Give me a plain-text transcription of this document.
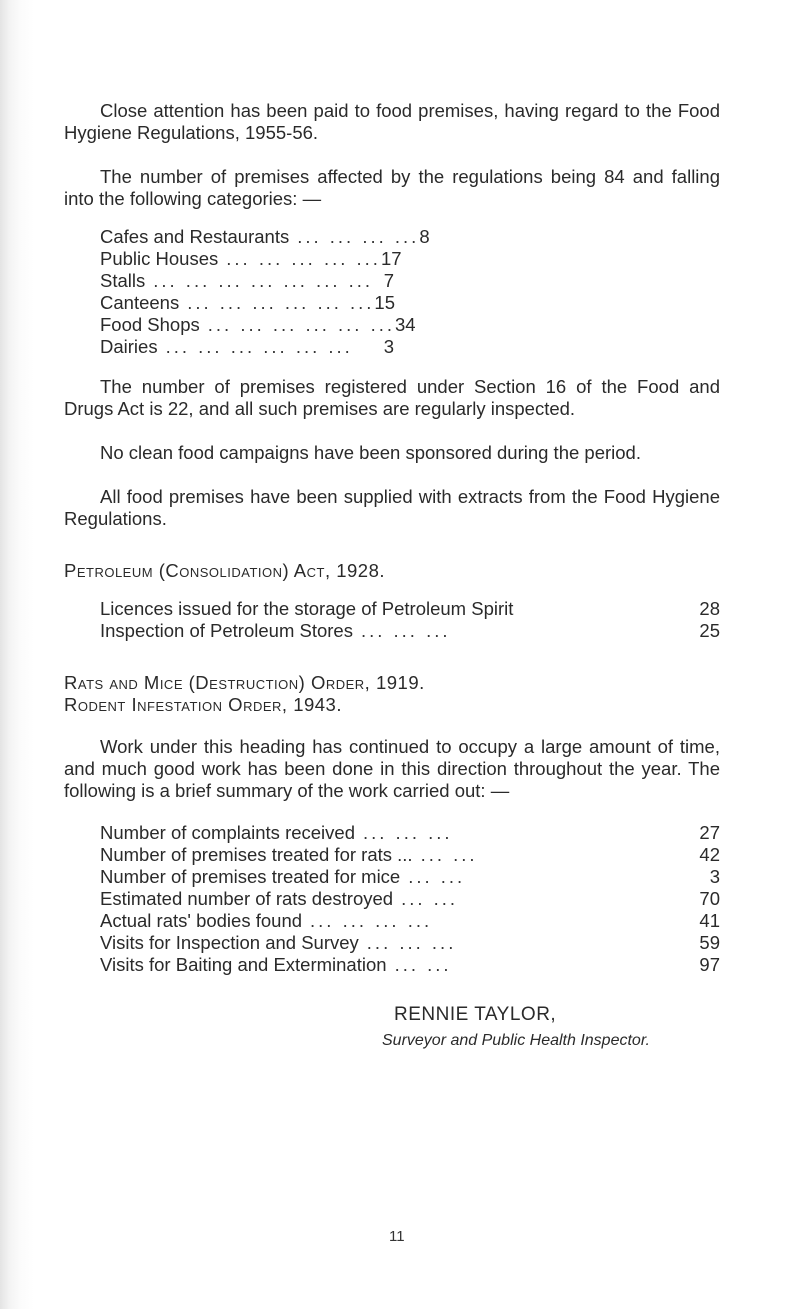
Close attention has been paid to food premises, having regard to the Food Hygiene Regulations, 1955-56.

The number of premises affected by the regulations being 84 and falling into the following categories: —

Cafes and Restaurants ... ... ... ... 8
Public Houses ... ... ... ... ... 17
Stalls ... ... ... ... ... ... ... 7
Canteens ... ... ... ... ... ... 15
Food Shops ... ... ... ... ... ... 34
Dairies ... ... ... ... ... ...	3

The number of premises registered under Section 16 of the Food and Drugs Act is 22, and all such premises are regularly inspected.

No clean food campaigns have been sponsored during the period.

All food premises have been supplied with extracts from the Food Hygiene Regulations.

Petroleum (Consolidation) Act, 1928.

Licences issued for the storage of Petroleum Spirit	28
Inspection of Petroleum Stores ... ... ...	25

Rats and Mice (Destruction) Order, 1919.

Rodent Infestation Order, 1943.

Work under this heading has continued to occupy a large amount of time, and much good work has been done in this direction throughout the year. The following is a brief summary of the work carried out: —

Number of complaints received ... ... ...	27
Number of premises treated for rats ... ... ...	42
Number of premises treated for mice ... ...	3
Estimated number of rats destroyed ... ...	70
Actual rats' bodies found ... ... ... ...	41
Visits for Inspection and Survey ... ... ...	59
Visits for Baiting and Extermination ... ...	97

RENNIE TAYLOR,

Surveyor and Public Health Inspector.

11
